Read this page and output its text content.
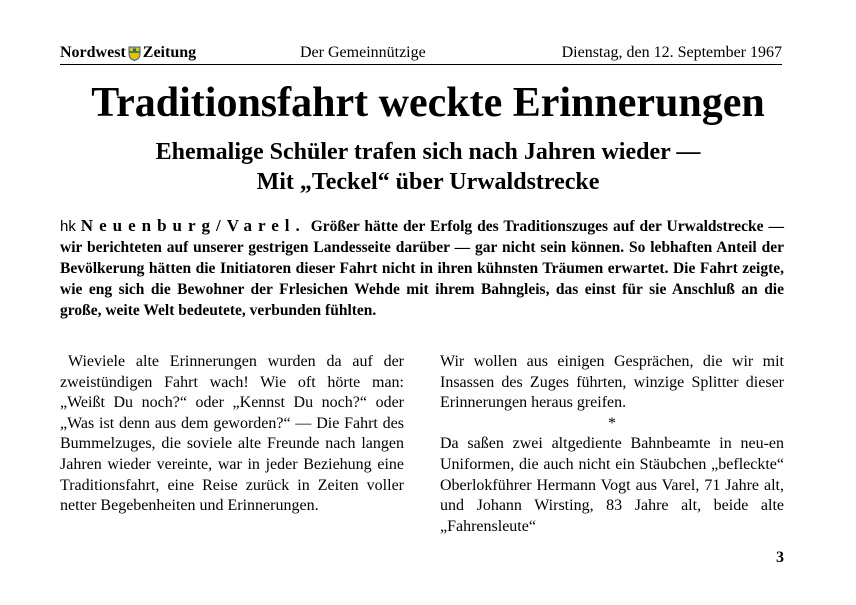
Nordwest Zeitung	Der Gemeinnützige	Dienstag, den 12. September 1967
Traditionsfahrt weckte Erinnerungen
Ehemalige Schüler trafen sich nach Jahren wieder —
Mit „Teckel“ über Urwaldstrecke
hk Neuenburg/Varel. Größer hätte der Erfolg des Traditionszuges auf der Urwaldstrecke — wir berichteten auf unserer gestrigen Landesseite darüber — gar nicht sein können. So lebhaften Anteil der Bevölkerung hätten die Initiatoren dieser Fahrt nicht in ihren kühnsten Träumen erwartet. Die Fahrt zeigte, wie eng sich die Bewohner der Frlesichen Wehde mit ihrem Bahngleis, das einst für sie Anschluß an die große, weite Welt bedeutete, verbunden fühlten.

Wieviele alte Erinnerungen wurden da auf der zweistündigen Fahrt wach! Wie oft hörte man: „Weißt Du noch?“ oder „Kennst Du noch?“ oder „Was ist denn aus dem geworden?“ — Die Fahrt des Bummelzuges, die soviele alte Freunde nach langen Jahren wieder vereinte, war in jeder Beziehung eine Traditionsfahrt, eine Reise zurück in Zeiten voller netter Begebenheiten und Erinnerungen.

Wir wollen aus einigen Gesprächen, die wir mit Insassen des Zuges führten, winzige Splitter dieser Erinnerungen heraus greifen.

*

Da saßen zwei altgediente Bahnbeamte in neu-en Uniformen, die auch nicht ein Stäubchen „befleckte“ Oberlokführer Hermann Vogt aus Varel, 71 Jahre alt, und Johann Wirsting, 83 Jahre alt, beide alte „Fahrensleute“

3
